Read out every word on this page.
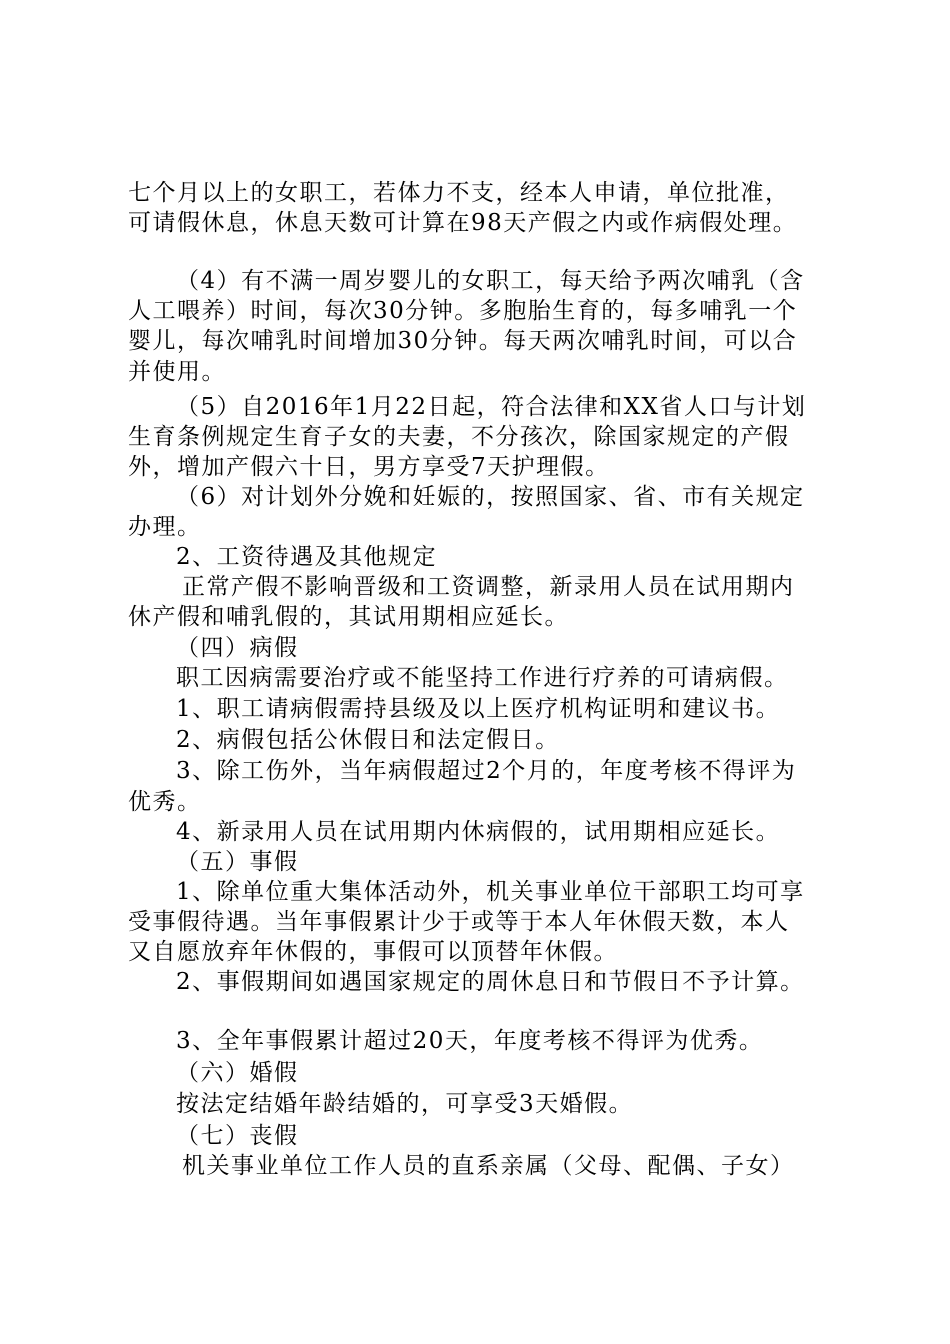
七个月以上的女职工，若体力不支，经本人申请，单位批准，
可请假休息，休息天数可计算在98天产假之内或作病假处理。
（4）有不满一周岁婴儿的女职工，每天给予两次哺乳（含
人工喂养）时间，每次30分钟。多胞胎生育的，每多哺乳一个
婴儿，每次哺乳时间增加30分钟。每天两次哺乳时间，可以合
并使用。
（5）自2016年1月22日起，符合法律和XX省人口与计划
生育条例规定生育子女的夫妻，不分孩次，除国家规定的产假
外，增加产假六十日，男方享受7天护理假。
（6）对计划外分娩和妊娠的，按照国家、省、市有关规定
办理。
2、工资待遇及其他规定
正常产假不影响晋级和工资调整，新录用人员在试用期内
休产假和哺乳假的，其试用期相应延长。
（四）病假
职工因病需要治疗或不能坚持工作进行疗养的可请病假。
1、职工请病假需持县级及以上医疗机构证明和建议书。
2、病假包括公休假日和法定假日。
3、除工伤外，当年病假超过2个月的，年度考核不得评为
优秀。
4、新录用人员在试用期内休病假的，试用期相应延长。
（五）事假
1、除单位重大集体活动外，机关事业单位干部职工均可享
受事假待遇。当年事假累计少于或等于本人年休假天数，本人
又自愿放弃年休假的，事假可以顶替年休假。
2、事假期间如遇国家规定的周休息日和节假日不予计算。
3、全年事假累计超过20天，年度考核不得评为优秀。
（六）婚假
按法定结婚年龄结婚的，可享受3天婚假。
（七）丧假
机关事业单位工作人员的直系亲属（父母、配偶、子女）
